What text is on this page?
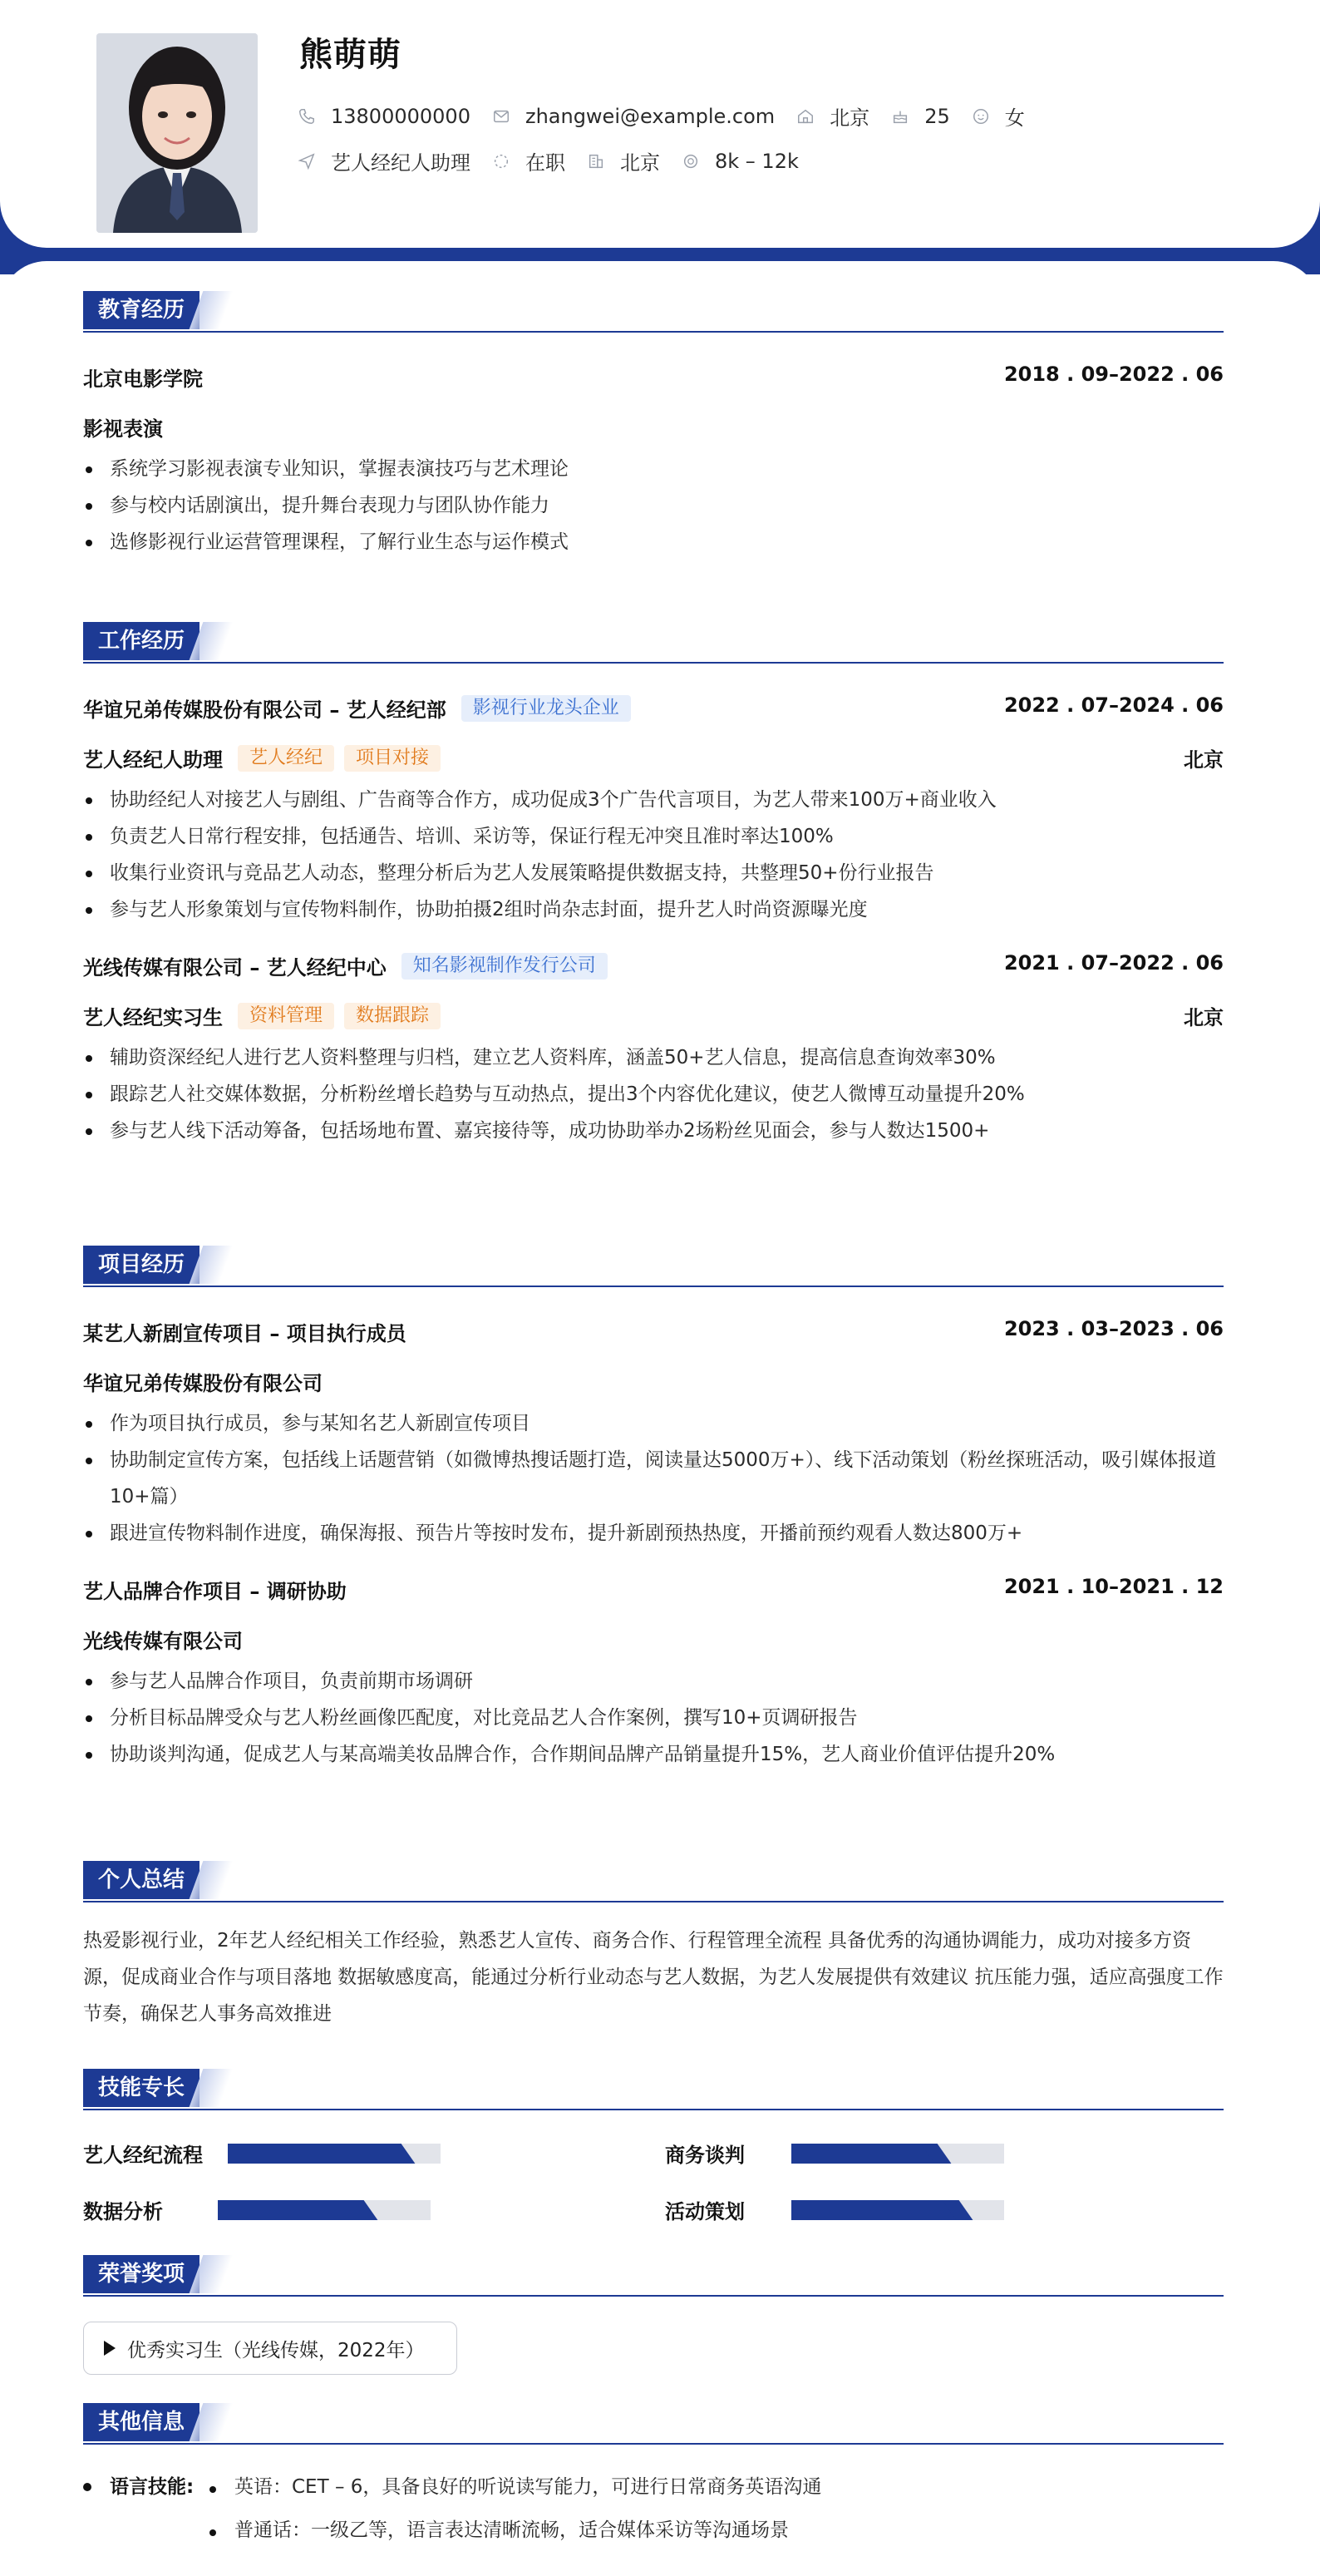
熊萌萌
13800000000	zhangwei@example.com	北京	25	女
艺人经纪人助理	在职	北京	8k – 12k
教育经历
北京电影学院	2018 . 09–2022 . 06
影视表演
系统学习影视表演专业知识，掌握表演技巧与艺术理论
参与校内话剧演出，提升舞台表现力与团队协作能力
选修影视行业运营管理课程，了解行业生态与运作模式
工作经历
华谊兄弟传媒股份有限公司 – 艺人经纪部	影视行业龙头企业	2022 . 07–2024 . 06
艺人经纪人助理	艺人经纪	项目对接	北京
协助经纪人对接艺人与剧组、广告商等合作方，成功促成3个广告代言项目，为艺人带来100万+商业收入
负责艺人日常行程安排，包括通告、培训、采访等，保证行程无冲突且准时率达100%
收集行业资讯与竞品艺人动态，整理分析后为艺人发展策略提供数据支持，共整理50+份行业报告
参与艺人形象策划与宣传物料制作，协助拍摄2组时尚杂志封面，提升艺人时尚资源曝光度
光线传媒有限公司 – 艺人经纪中心	知名影视制作发行公司	2021 . 07–2022 . 06
艺人经纪实习生	资料管理	数据跟踪	北京
辅助资深经纪人进行艺人资料整理与归档，建立艺人资料库，涵盖50+艺人信息，提高信息查询效率30%
跟踪艺人社交媒体数据，分析粉丝增长趋势与互动热点，提出3个内容优化建议，使艺人微博互动量提升20%
参与艺人线下活动筹备，包括场地布置、嘉宾接待等，成功协助举办2场粉丝见面会，参与人数达1500+
项目经历
某艺人新剧宣传项目 – 项目执行成员	2023 . 03–2023 . 06
华谊兄弟传媒股份有限公司
作为项目执行成员，参与某知名艺人新剧宣传项目
协助制定宣传方案，包括线上话题营销（如微博热搜话题打造，阅读量达5000万+）、线下活动策划（粉丝探班活动，吸引媒体报道10+篇）
跟进宣传物料制作进度，确保海报、预告片等按时发布，提升新剧预热热度，开播前预约观看人数达800万+
艺人品牌合作项目 – 调研协助	2021 . 10–2021 . 12
光线传媒有限公司
参与艺人品牌合作项目，负责前期市场调研
分析目标品牌受众与艺人粉丝画像匹配度，对比竞品艺人合作案例，撰写10+页调研报告
协助谈判沟通，促成艺人与某高端美妆品牌合作，合作期间品牌产品销量提升15%，艺人商业价值评估提升20%
个人总结
热爱影视行业，2年艺人经纪相关工作经验，熟悉艺人宣传、商务合作、行程管理全流程 具备优秀的沟通协调能力，成功对接多方资源，促成商业合作与项目落地 数据敏感度高，能通过分析行业动态与艺人数据，为艺人发展提供有效建议 抗压能力强，适应高强度工作节奏，确保艺人事务高效推进
技能专长
艺人经纪流程	商务谈判
数据分析	活动策划
荣誉奖项
优秀实习生（光线传媒，2022年）
其他信息
语言技能: 英语：CET – 6，具备良好的听说读写能力，可进行日常商务英语沟通
普通话：一级乙等，语言表达清晰流畅，适合媒体采访等沟通场景
